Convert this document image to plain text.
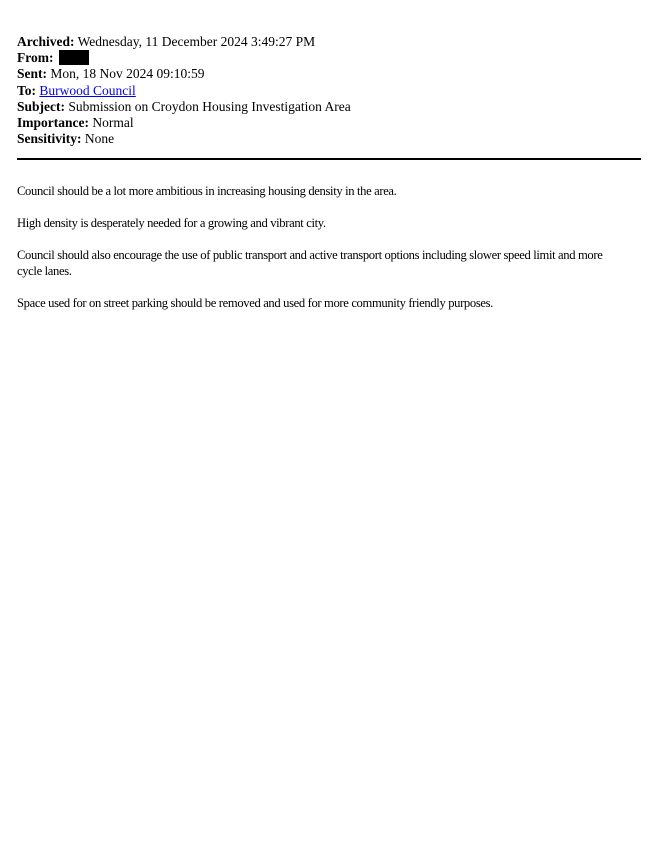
Archived: Wednesday, 11 December 2024 3:49:27 PM
From:
Sent: Mon, 18 Nov 2024 09:10:59
To: Burwood Council
Subject: Submission on Croydon Housing Investigation Area
Importance: Normal
Sensitivity: None

Council should be a lot more ambitious in increasing housing density in the area.

High density is desperately needed for a growing and vibrant city.

Council should also encourage the use of public transport and active transport options including slower speed limit and more cycle lanes.

Space used for on street parking should be removed and used for more community friendly purposes.
